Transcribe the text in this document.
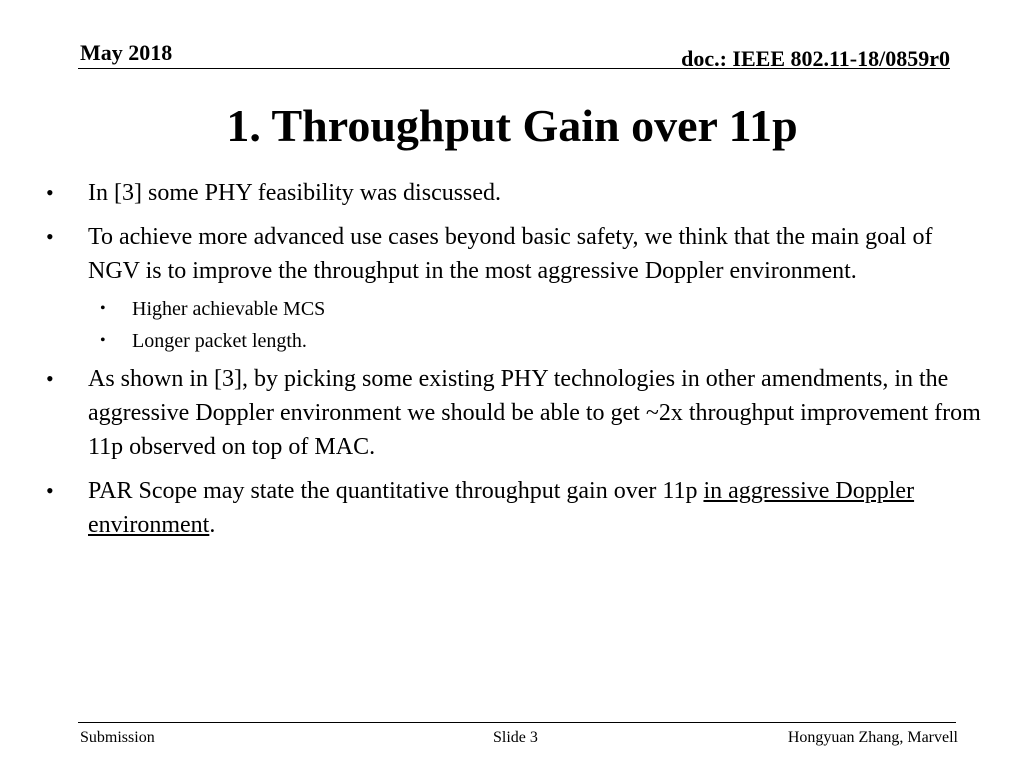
May 2018	doc.: IEEE 802.11-18/0859r0
1. Throughput Gain over 11p
• In [3] some PHY feasibility was discussed.
• To achieve more advanced use cases beyond basic safety, we think that the main goal of NGV is to improve the throughput in the most aggressive Doppler environment.
• Higher achievable MCS
• Longer packet length.
• As shown in [3], by picking some existing PHY technologies in other amendments, in the aggressive Doppler environment we should be able to get ~2x throughput improvement from 11p observed on top of MAC.
• PAR Scope may state the quantitative throughput gain over 11p in aggressive Doppler environment.
Submission	Slide 3	Hongyuan Zhang, Marvell
